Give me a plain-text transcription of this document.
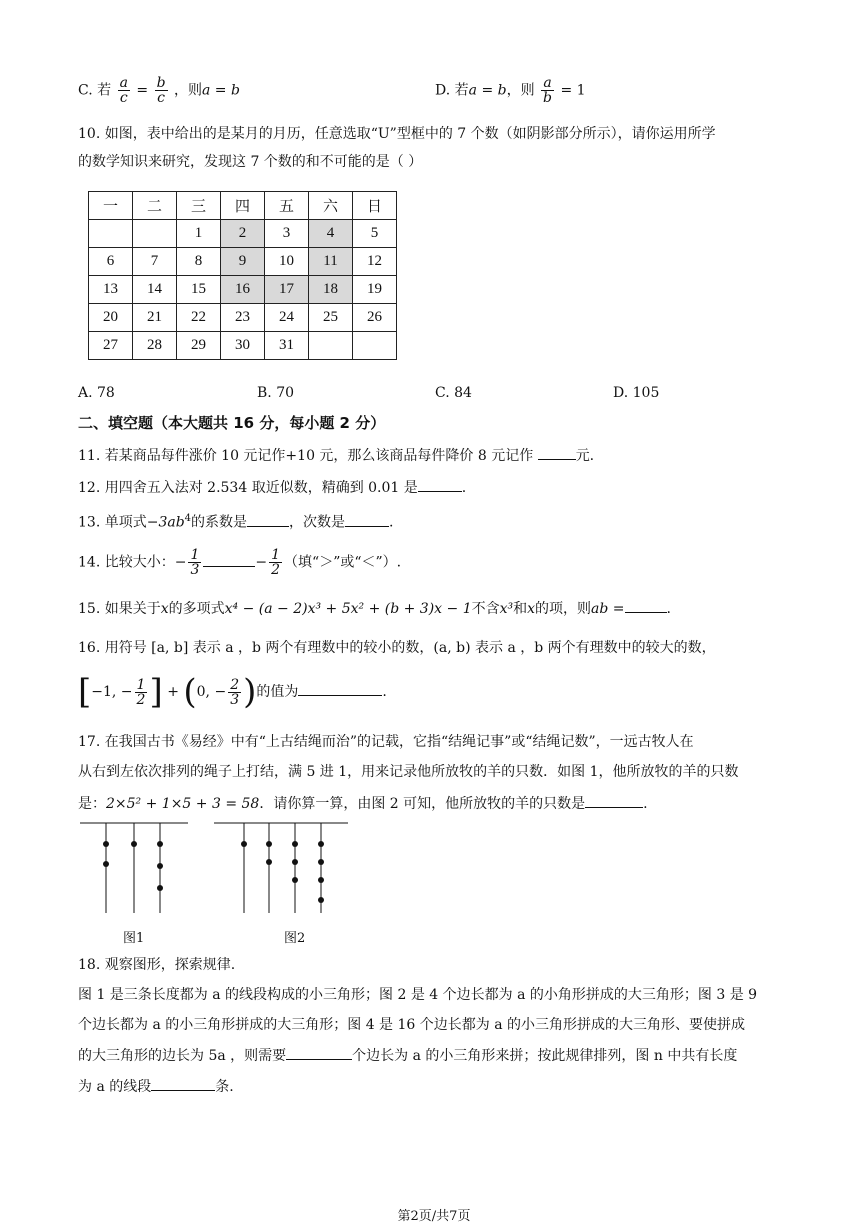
C. 若 $\frac{a}{c} = \frac{b}{c}$ ，则a = b	D. 若a = b，则 $\frac{a}{b} = 1$
10. 如图，表中给出的是某月的月历，任意选取“U”型框中的 7 个数（如阴影部分所示），请你运用所学
的数学知识来研究，发现这 7 个数的和不可能的是（ ）
一	二	三	四	五	六	日
		1	2	3	4	5
6	7	8	9	10	11	12
13	14	15	16	17	18	19
20	21	22	23	24	25	26
27	28	29	30	31		
A. 78	B. 70	C. 84	D. 105
二、填空题（本大题共 16 分，每小题 2 分）
11. 若某商品每件涨价 10 元记作+10 元，那么该商品每件降价 8 元记作	元.
12. 用四舍五入法对 2.534 取近似数，精确到 0.01 是	.
13. 单项式$-3ab^4$的系数是	，次数是	.
14. 比较大小：− $\frac{1}{3}$	− $\frac{1}{2}$ （填“＞”或“＜”）.
15. 如果关于x的多项式x⁴ − (a − 2)x³ + 5x² + (b + 3)x − 1不含x³和x的项，则ab =	.
16. 用符号 [a, b] 表示 a ，b 两个有理数中的较小的数，(a, b) 表示 a ，b 两个有理数中的较大的数，
[−1, − $\frac{1}{2}$ ] + (0, − $\frac{2}{3}$ )的值为	.
17. 在我国古书《易经》中有“上古结绳而治”的记载，它指“结绳记事”或“结绳记数”，一远古牧人在
从右到左依次排列的绳子上打结，满 5 进 1，用来记录他所放牧的羊的只数．如图 1，他所放牧的羊的只数
是：2×5² + 1×5 + 3 = 58．请你算一算，由图 2 可知，他所放牧的羊的只数是	.
图1	图2
18. 观察图形，探索规律.
图 1 是三条长度都为 a 的线段构成的小三角形；图 2 是 4 个边长都为 a 的小角形拼成的大三角形；图 3 是 9
个边长都为 a 的小三角形拼成的大三角形；图 4 是 16 个边长都为 a 的小三角形拼成的大三角形、要使拼成
的大三角形的边长为 5a ，则需要	个边长为 a 的小三角形来拼；按此规律排列，图 n 中共有长度
为 a 的线段	条.
第2页/共7页
